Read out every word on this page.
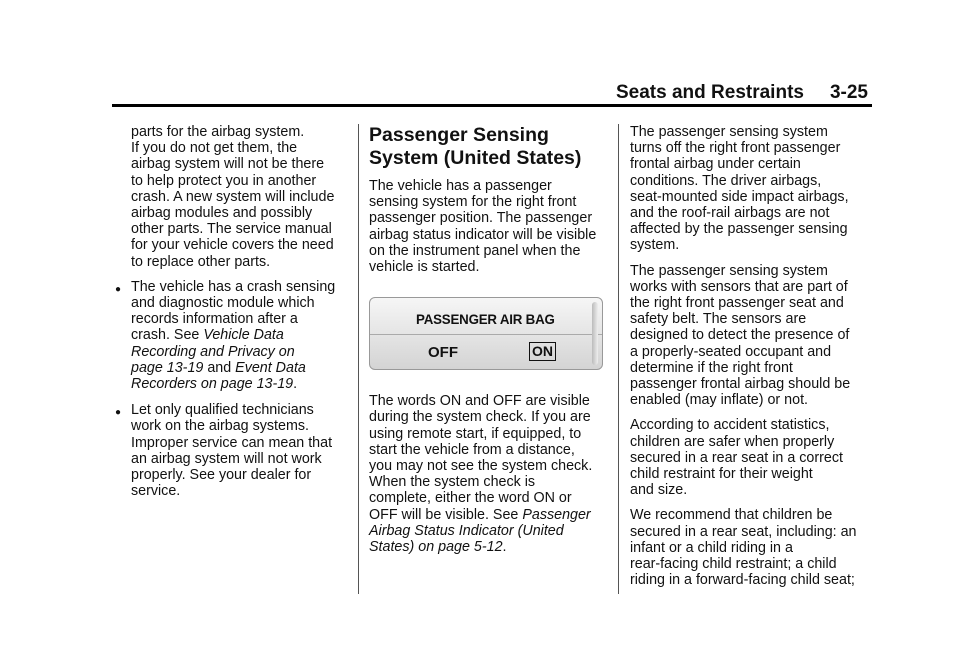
Seats and Restraints 3-25

parts for the airbag system.
If you do not get them, the
airbag system will not be there
to help protect you in another
crash. A new system will include
airbag modules and possibly
other parts. The service manual
for your vehicle covers the need
to replace other parts.

● The vehicle has a crash sensing
and diagnostic module which
records information after a
crash. See Vehicle Data
Recording and Privacy on
page 13-19 and Event Data
Recorders on page 13-19.
● Let only qualified technicians
work on the airbag systems.
Improper service can mean that
an airbag system will not work
properly. See your dealer for
service.
Passenger Sensing
System (United States)

The vehicle has a passenger
sensing system for the right front
passenger position. The passenger
airbag status indicator will be visible
on the instrument panel when the
vehicle is started.

PASSENGER AIR BAG
OFF	ON

The words ON and OFF are visible
during the system check. If you are
using remote start, if equipped, to
start the vehicle from a distance,
you may not see the system check.
When the system check is
complete, either the word ON or
OFF will be visible. See Passenger
Airbag Status Indicator (United
States) on page 5-12.

The passenger sensing system
turns off the right front passenger
frontal airbag under certain
conditions. The driver airbags,
seat-mounted side impact airbags,
and the roof-rail airbags are not
affected by the passenger sensing
system.

The passenger sensing system
works with sensors that are part of
the right front passenger seat and
safety belt. The sensors are
designed to detect the presence of
a properly-seated occupant and
determine if the right front
passenger frontal airbag should be
enabled (may inflate) or not.

According to accident statistics,
children are safer when properly
secured in a rear seat in a correct
child restraint for their weight
and size.

We recommend that children be
secured in a rear seat, including: an
infant or a child riding in a
rear-facing child restraint; a child
riding in a forward-facing child seat;
